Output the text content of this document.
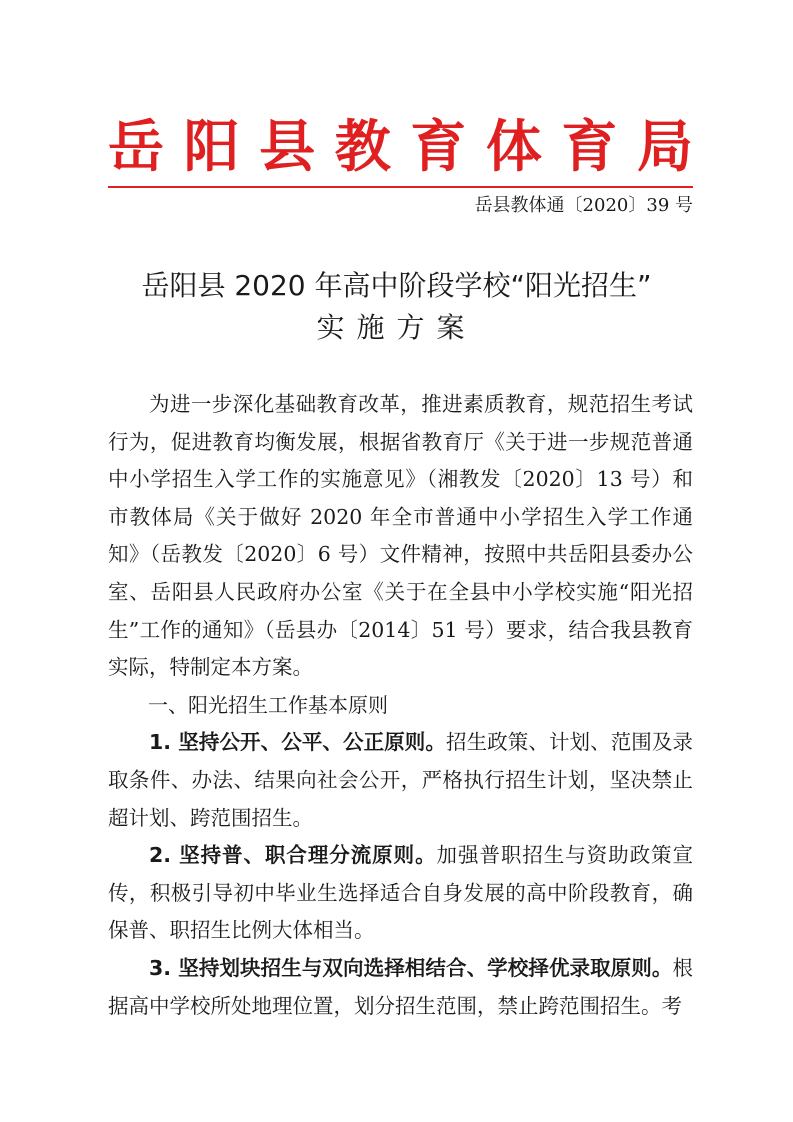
岳 阳 县 教 育 体 育 局
岳县教体通〔2020〕39 号
岳阳县 2020 年高中阶段学校“阳光招生”
实施方案

为进一步深化基础教育改革，推进素质教育，规范招生考试行为，促进教育均衡发展，根据省教育厅《关于进一步规范普通中小学招生入学工作的实施意见》（湘教发〔2020〕13 号）和市教体局《关于做好 2020 年全市普通中小学招生入学工作通知》（岳教发〔2020〕6 号）文件精神，按照中共岳阳县委办公室、岳阳县人民政府办公室《关于在全县中小学校实施“阳光招生”工作的通知》（岳县办〔2014〕51 号）要求，结合我县教育实际，特制定本方案。

一、阳光招生工作基本原则

1. 坚持公开、公平、公正原则。招生政策、计划、范围及录取条件、办法、结果向社会公开，严格执行招生计划，坚决禁止超计划、跨范围招生。

2. 坚持普、职合理分流原则。加强普职招生与资助政策宣传，积极引导初中毕业生选择适合自身发展的高中阶段教育，确保普、职招生比例大体相当。

3. 坚持划块招生与双向选择相结合、学校择优录取原则。根据高中学校所处地理位置，划分招生范围，禁止跨范围招生。考
